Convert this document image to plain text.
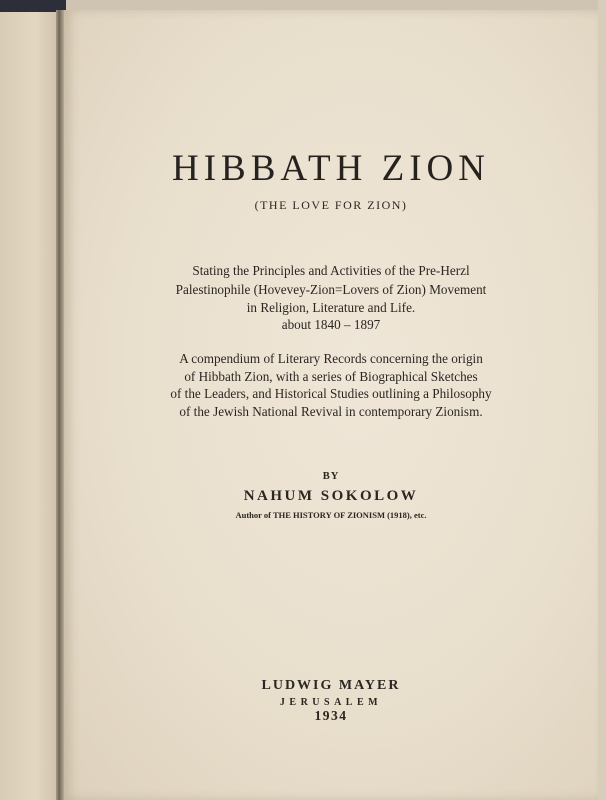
HIBBATH ZION
(THE LOVE FOR ZION)
Stating the Principles and Activities of the Pre-Herzl
Palestinophile (Hovevey-Zion=Lovers of Zion) Movement
in Religion, Literature and Life.
about 1840 – 1897
A compendium of Literary Records concerning the origin
of Hibbath Zion, with a series of Biographical Sketches
of the Leaders, and Historical Studies outlining a Philosophy
of the Jewish National Revival in contemporary Zionism.
BY
NAHUM SOKOLOW
Author of THE HISTORY OF ZIONISM (1918), etc.
LUDWIG MAYER
JERUSALEM
1934
